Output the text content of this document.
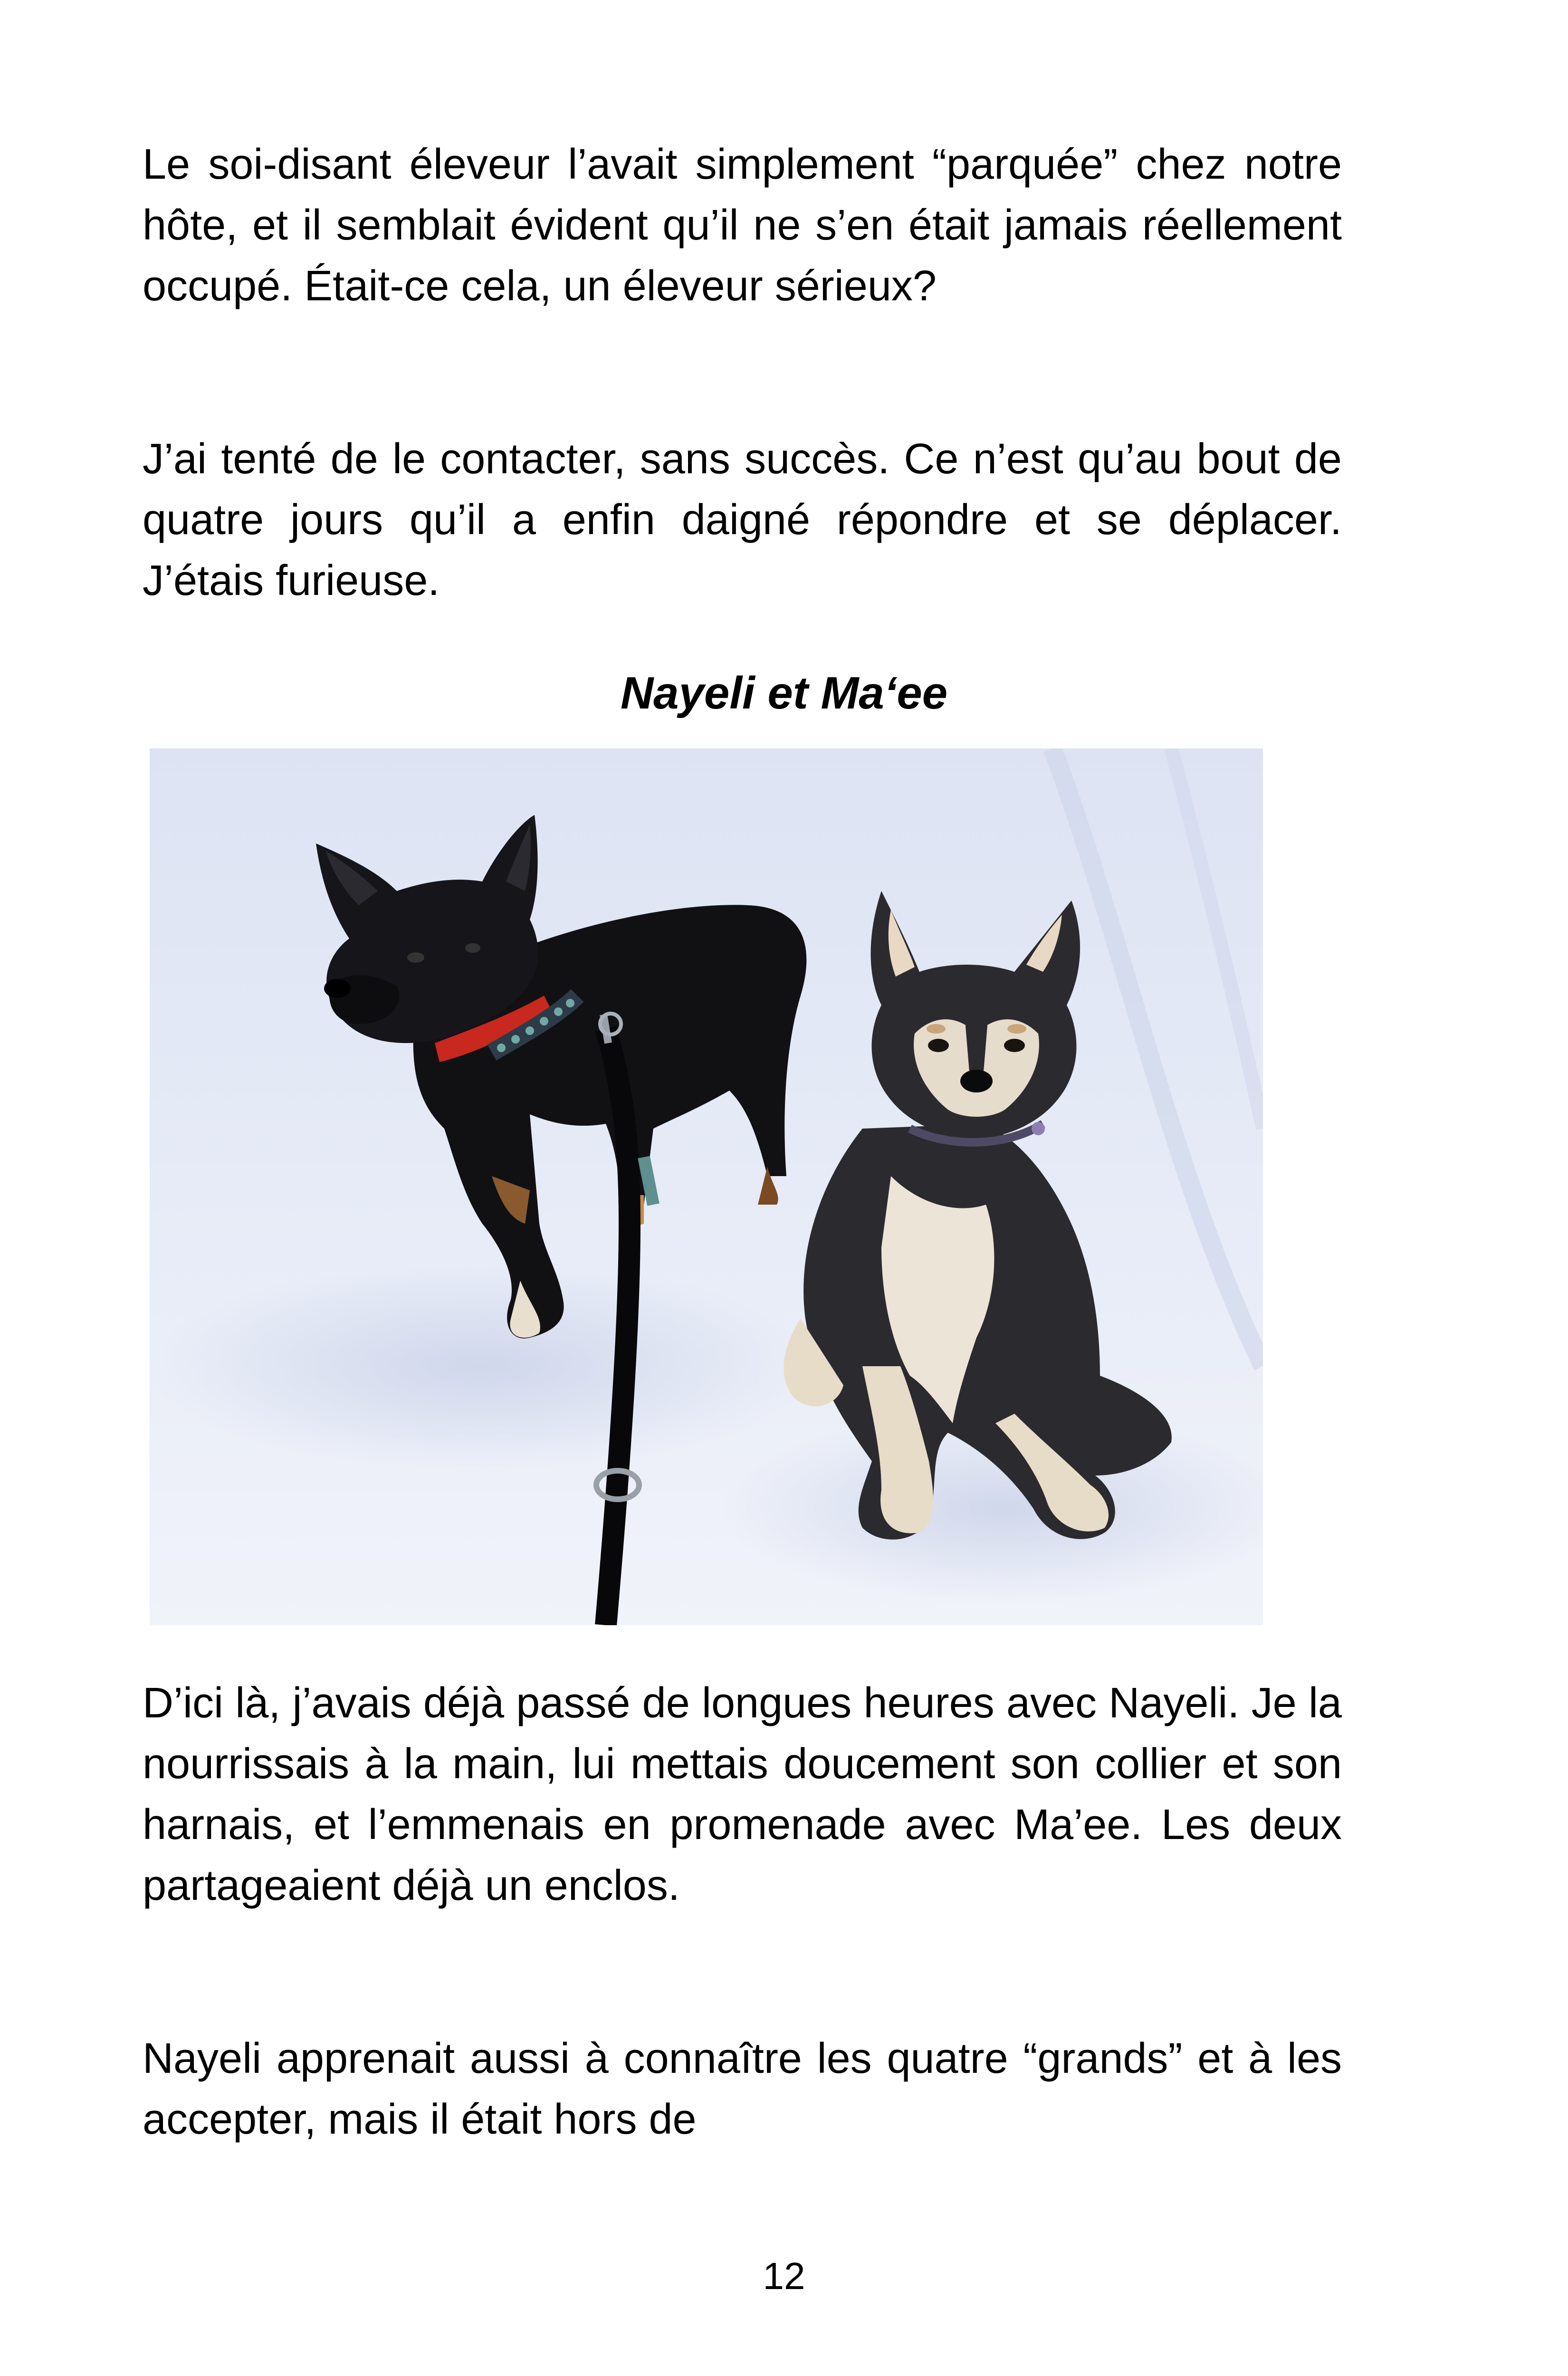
Le soi-disant éleveur l’avait simplement “parquée” chez notre hôte, et il semblait évident qu’il ne s’en était jamais réellement occupé. Était-ce cela, un éleveur sérieux?

J’ai tenté de le contacter, sans succès. Ce n’est qu’au bout de quatre jours qu’il a enfin daigné répondre et se déplacer. J’étais furieuse.

Nayeli et Ma‘ee

D’ici là, j’avais déjà passé de longues heures avec Nayeli. Je la nourrissais à la main, lui mettais doucement son collier et son harnais, et l’emmenais en promenade avec Ma’ee. Les deux partageaient déjà un enclos.

Nayeli apprenait aussi à connaître les quatre “grands” et à les accepter, mais il était hors de

12
